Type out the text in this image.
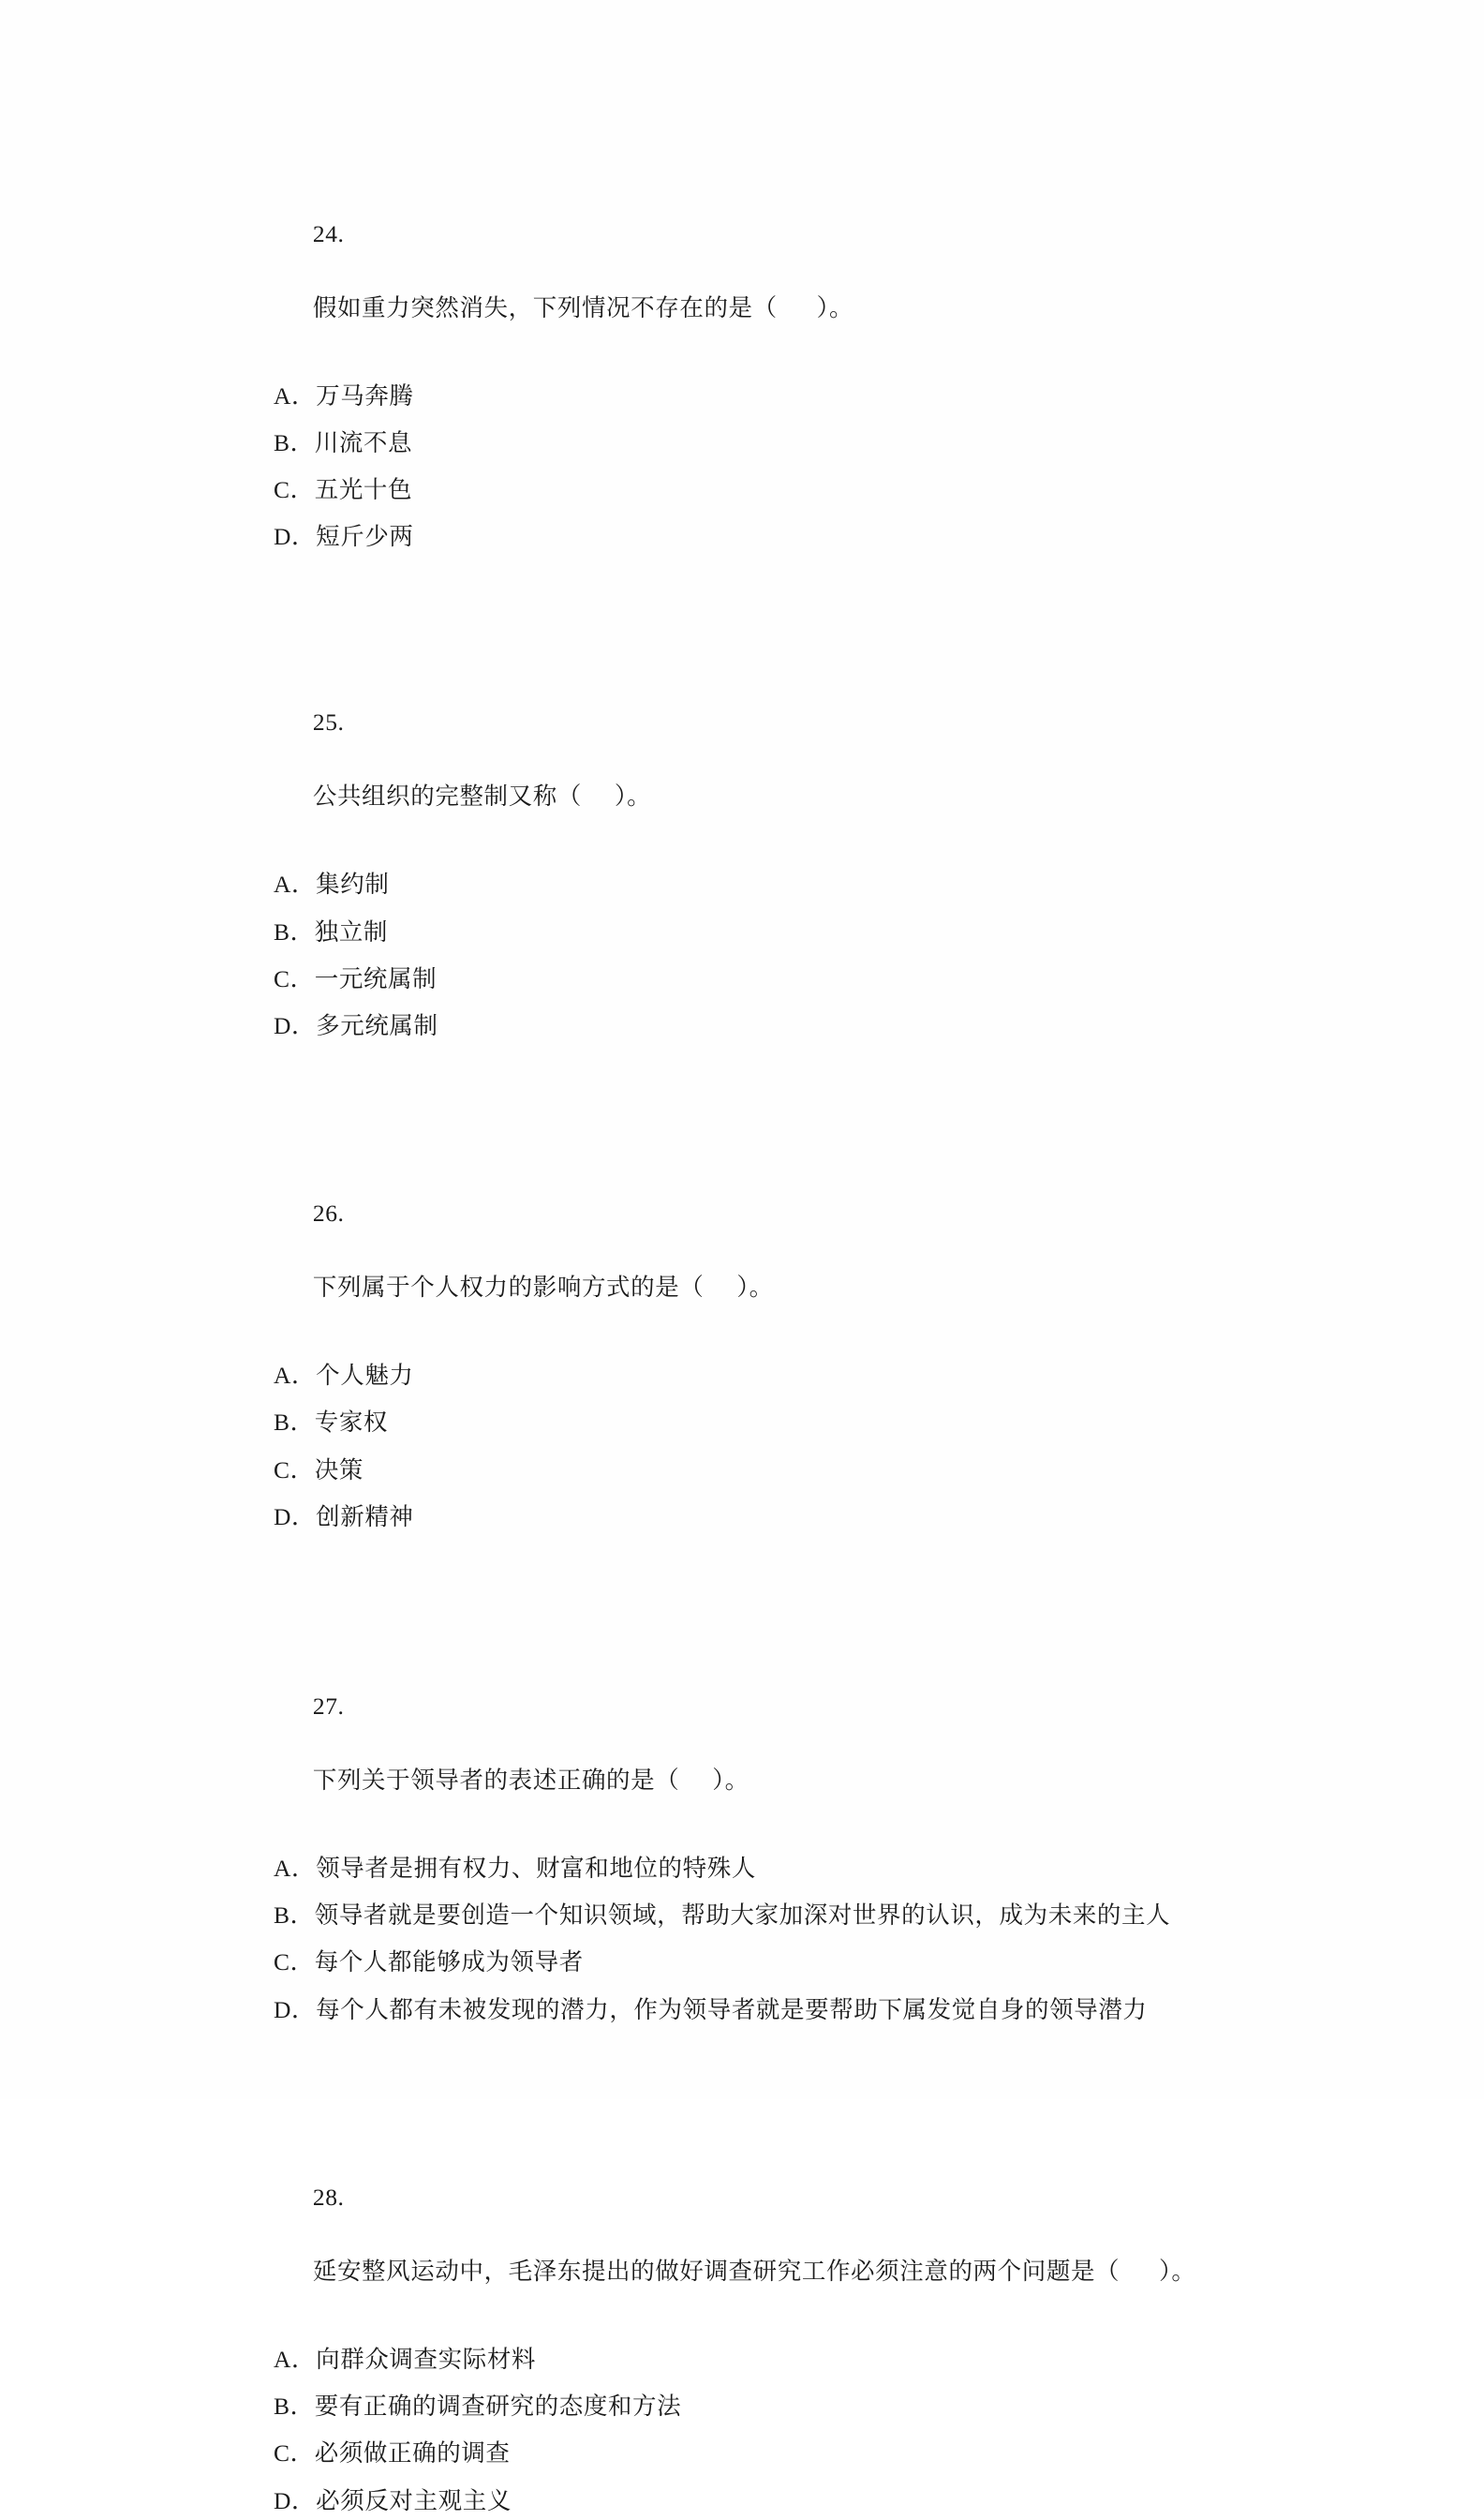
24.

假如重力突然消失，下列情况不存在的是（      ）。

A． 万马奔腾
B． 川流不息
C． 五光十色
D． 短斤少两

25.

公共组织的完整制又称（     ）。

A． 集约制
B． 独立制
C． 一元统属制
D． 多元统属制

26.

下列属于个人权力的影响方式的是（     ）。

A． 个人魅力
B． 专家权
C． 决策
D． 创新精神

27.

下列关于领导者的表述正确的是（     ）。

A． 领导者是拥有权力、财富和地位的特殊人
B． 领导者就是要创造一个知识领域，帮助大家加深对世界的认识，成为未来的主人
C． 每个人都能够成为领导者
D． 每个人都有未被发现的潜力，作为领导者就是要帮助下属发觉自身的领导潜力

28.

延安整风运动中，毛泽东提出的做好调查研究工作必须注意的两个问题是（      ）。

A． 向群众调查实际材料
B． 要有正确的调查研究的态度和方法
C． 必须做正确的调查
D． 必须反对主观主义
